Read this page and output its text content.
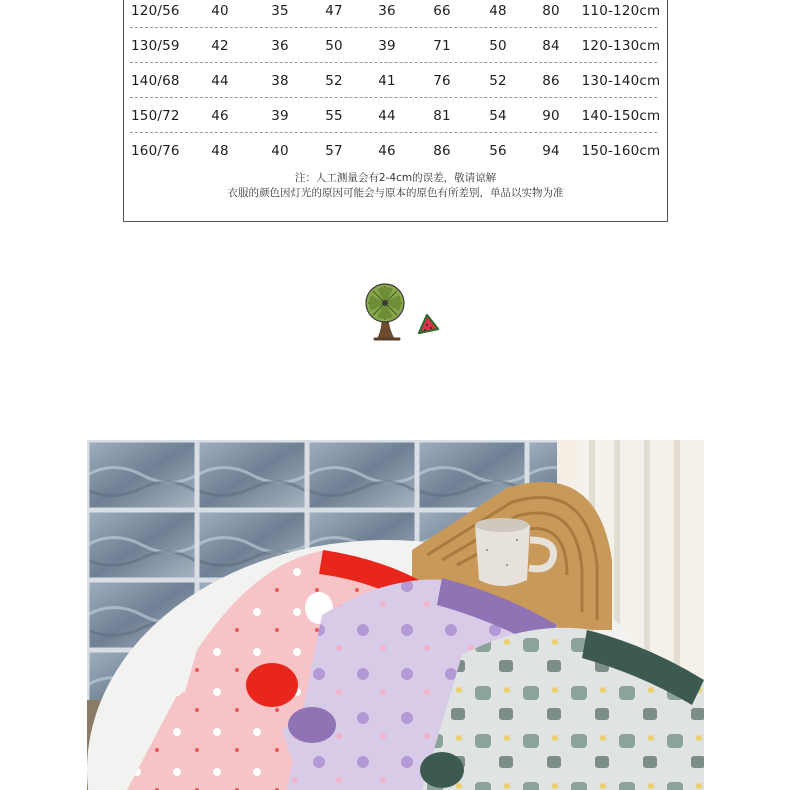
120/56 40	35	47	36	66	48	80 110-120cm
130/59 42	36	50	39	71	50	84 120-130cm
140/68 44	38	52	41	76	52	86 130-140cm
150/72 46	39	55	44	81	54	90 140-150cm
160/76 48	40	57	46	86	56	94 150-160cm
注：人工测量会有2-4cm的误差，敬请谅解
衣服的颜色因灯光的原因可能会与原本的原色有所差别，单品以实物为准
